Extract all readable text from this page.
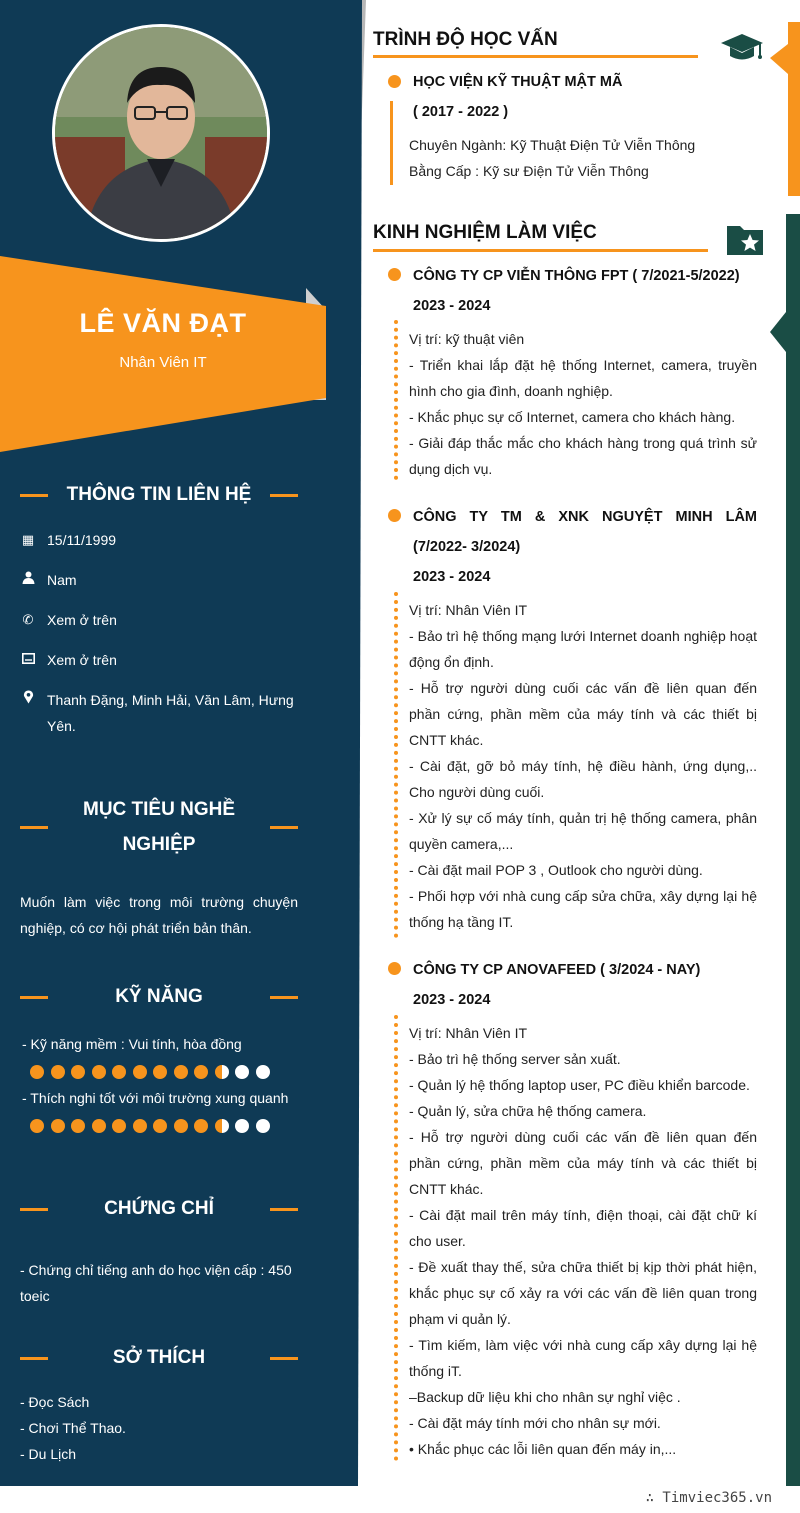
LÊ VĂN ĐẠT
Nhân Viên IT
THÔNG TIN LIÊN HỆ
▦ 15/11/1999
Nam
✆ Xem ở trên
Xem ở trên
Thanh Đặng, Minh Hải, Văn Lâm, Hưng Yên.
MỤC TIÊU NGHỀ
NGHIỆP
Muốn làm việc trong môi trường chuyện nghiệp, có cơ hội phát triển bản thân.
KỸ NĂNG
- Kỹ năng mềm : Vui tính, hòa đồng
- Thích nghi tốt với môi trường xung quanh
CHỨNG CHỈ
- Chứng chỉ tiếng anh do học viện cấp : 450 toeic
SỞ THÍCH
- Đọc Sách
- Chơi Thể Thao.
- Du Lịch
TRÌNH ĐỘ HỌC VẤN
HỌC VIỆN KỸ THUẬT MẬT MÃ
( 2017 - 2022 )
Chuyên Ngành: Kỹ Thuật Điện Tử Viễn Thông
Bằng Cấp : Kỹ sư Điện Tử Viễn Thông
KINH NGHIỆM LÀM VIỆC
CÔNG TY CP VIỄN THÔNG FPT ( 7/2021-5/2022)
2023 - 2024
Vị trí: kỹ thuật viên
- Triển khai lắp đặt hệ thống Internet, camera, truyền hình cho gia đình, doanh nghiệp.
- Khắc phục sự cố Internet, camera cho khách hàng.
- Giải đáp thắc mắc cho khách hàng trong quá trình sử dụng dịch vụ.
CÔNG TY TM & XNK NGUYỆT MINH LÂM
(7/2022- 3/2024)
2023 - 2024
Vị trí: Nhân Viên IT
- Bảo trì hệ thống mạng lưới Internet doanh nghiệp hoạt động ổn định.
- Hỗ trợ người dùng cuối các vấn đề liên quan đến phần cứng, phần mềm của máy tính và các thiết bị CNTT khác.
- Cài đặt, gỡ bỏ máy tính, hệ điều hành, ứng dụng,.. Cho người dùng cuối.
- Xử lý sự cố máy tính, quản trị hệ thống camera, phân quyền camera,...
- Cài đặt mail POP 3 , Outlook cho người dùng.
- Phối hợp với nhà cung cấp sửa chữa, xây dựng lại hệ thống hạ tầng IT.
CÔNG TY CP ANOVAFEED ( 3/2024 - NAY)
2023 - 2024
Vị trí: Nhân Viên IT
- Bảo trì hệ thống server sản xuất.
- Quản lý hệ thống laptop user, PC điều khiển barcode.
- Quản lý, sửa chữa hệ thống camera.
- Hỗ trợ người dùng cuối các vấn đề liên quan đến phần cứng, phần mềm của máy tính và các thiết bị CNTT khác.
- Cài đặt mail trên máy tính, điện thoại, cài đặt chữ kí cho user.
- Đề xuất thay thế, sửa chữa thiết bị kịp thời phát hiện, khắc phục sự cố xảy ra với các vấn đề liên quan trong phạm vi quản lý.
- Tìm kiếm, làm việc với nhà cung cấp xây dựng lại hệ thống iT.
–Backup dữ liệu khi cho nhân sự nghỉ việc .
- Cài đặt máy tính mới cho nhân sự mới.
• Khắc phục các lỗi liên quan đến máy in,...
∴ Timviec365.vn
